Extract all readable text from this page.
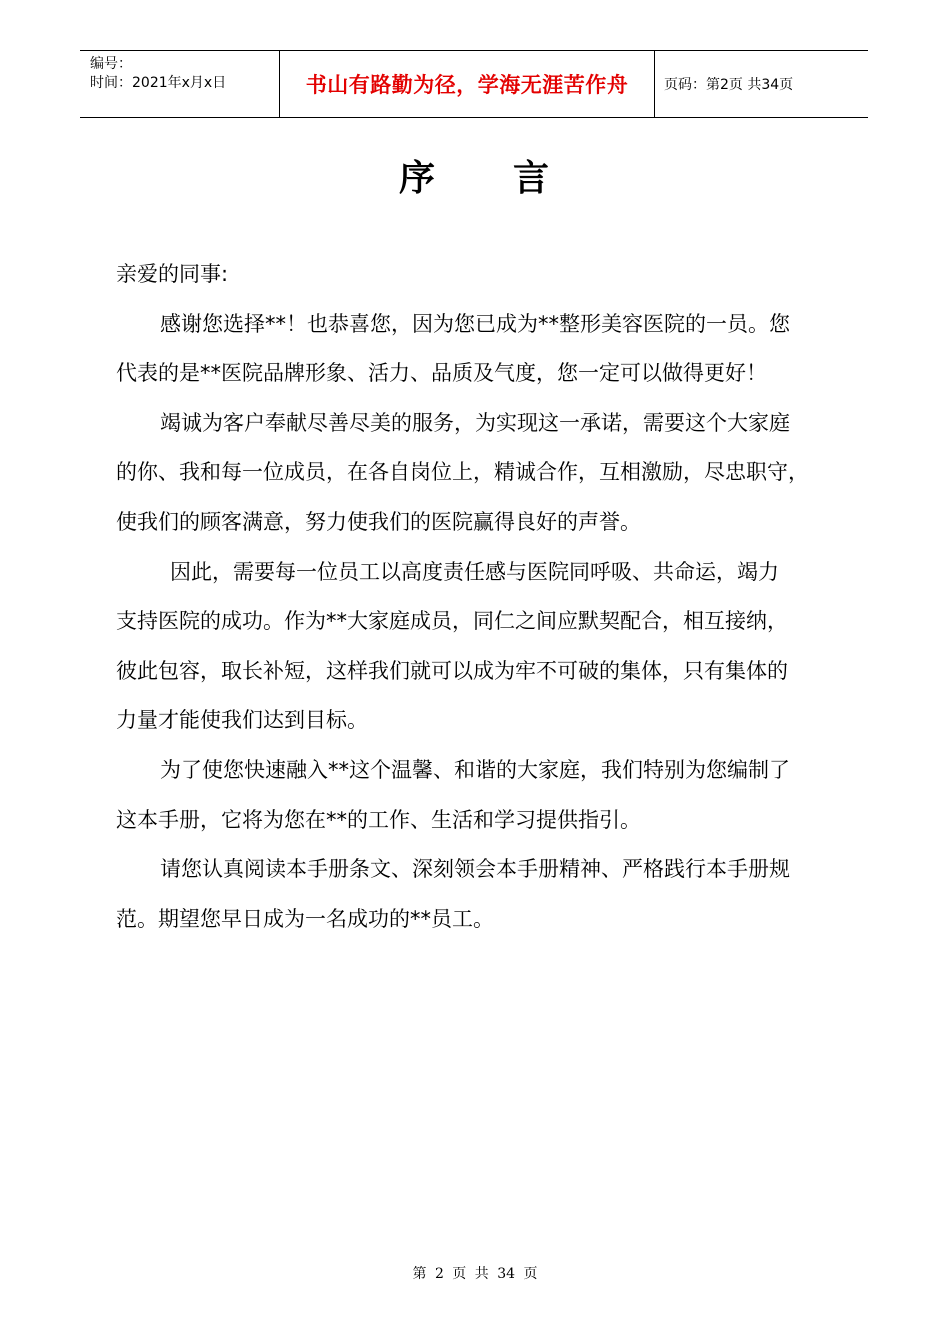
编号：
时间：2021年x月x日	书山有路勤为径，学海无涯苦作舟	页码：第2页 共34页
序　　言
亲爱的同事:
感谢您选择**！也恭喜您，因为您已成为**整形美容医院的一员。您
代表的是**医院品牌形象、活力、品质及气度，您一定可以做得更好！
竭诚为客户奉献尽善尽美的服务，为实现这一承诺，需要这个大家庭
的你、我和每一位成员，在各自岗位上，精诚合作，互相激励，尽忠职守，
使我们的顾客满意，努力使我们的医院赢得良好的声誉。
因此，需要每一位员工以高度责任感与医院同呼吸、共命运，竭力
支持医院的成功。作为**大家庭成员，同仁之间应默契配合，相互接纳，
彼此包容，取长补短，这样我们就可以成为牢不可破的集体，只有集体的
力量才能使我们达到目标。
为了使您快速融入**这个温馨、和谐的大家庭，我们特别为您编制了
这本手册，它将为您在**的工作、生活和学习提供指引。
请您认真阅读本手册条文、深刻领会本手册精神、严格践行本手册规
范。期望您早日成为一名成功的**员工。
第 2 页 共 34 页
